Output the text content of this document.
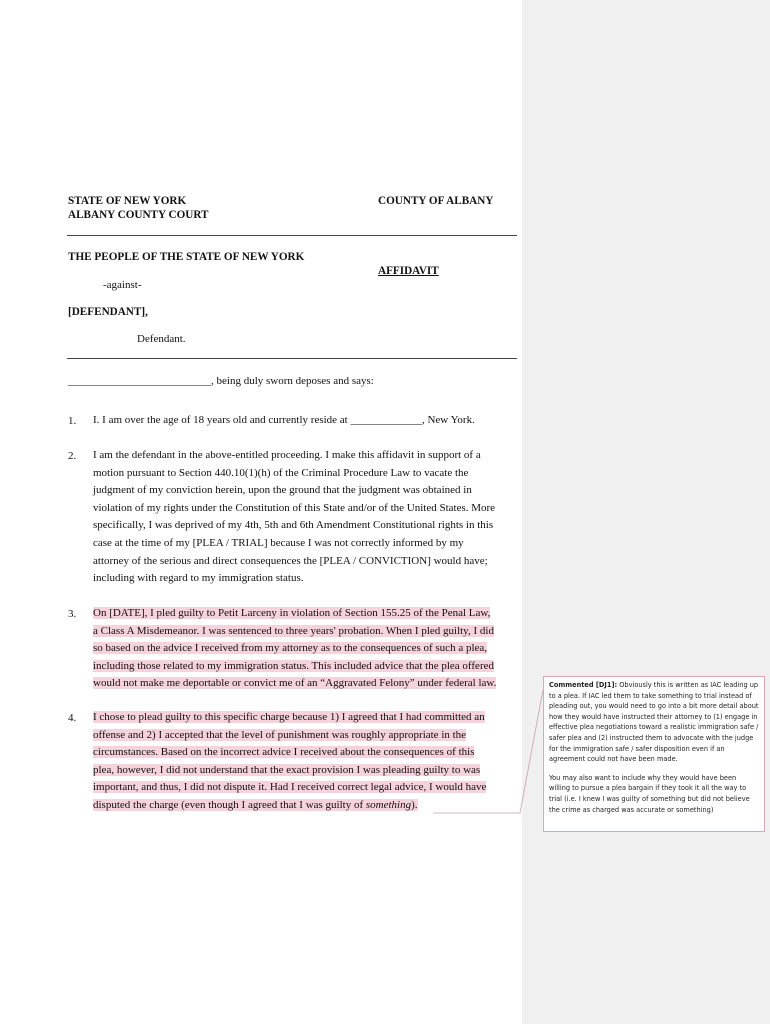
STATE OF NEW YORK
ALBANY COUNTY COURT
COUNTY OF ALBANY
THE PEOPLE OF THE STATE OF NEW YORK
AFFIDAVIT
-against-
[DEFENDANT],
Defendant.
__________________________, being duly sworn deposes and says:
1. I. I am over the age of 18 years old and currently reside at _____________, New York.
2. I am the defendant in the above-entitled proceeding. I make this affidavit in support of a
motion pursuant to Section 440.10(1)(h) of the Criminal Procedure Law to vacate the
judgment of my conviction herein, upon the ground that the judgment was obtained in
violation of my rights under the Constitution of this State and/or of the United States. More
specifically, I was deprived of my 4th, 5th and 6th Amendment Constitutional rights in this
case at the time of my [PLEA / TRIAL] because I was not correctly informed by my
attorney of the serious and direct consequences the [PLEA / CONVICTION] would have;
including with regard to my immigration status.
3. On [DATE], I pled guilty to Petit Larceny in violation of Section 155.25 of the Penal Law,
a Class A Misdemeanor. I was sentenced to three years' probation. When I pled guilty, I did
so based on the advice I received from my attorney as to the consequences of such a plea,
including those related to my immigration status. This included advice that the plea offered
would not make me deportable or convict me of an “Aggravated Felony” under federal law.
4. I chose to plead guilty to this specific charge because 1) I agreed that I had committed an
offense and 2) I accepted that the level of punishment was roughly appropriate in the
circumstances. Based on the incorrect advice I received about the consequences of this
plea, however, I did not understand that the exact provision I was pleading guilty to was
important, and thus, I did not dispute it. Had I received correct legal advice, I would have
disputed the charge (even though I agreed that I was guilty of something).

Commented [DJ1]: Obviously this is written as IAC leading up to a plea. If IAC led them to take something to trial instead of pleading out, you would need to go into a bit more detail about how they would have instructed their attorney to (1) engage in effective plea negotiations toward a realistic immigration safe / safer plea and (2) instructed them to advocate with the judge for the immigration safe / safer disposition even if an agreement could not have been made.

You may also want to include why they would have been willing to pursue a plea bargain if they took it all the way to trial (i.e. I knew I was guilty of something but did not believe the crime as charged was accurate or something)
